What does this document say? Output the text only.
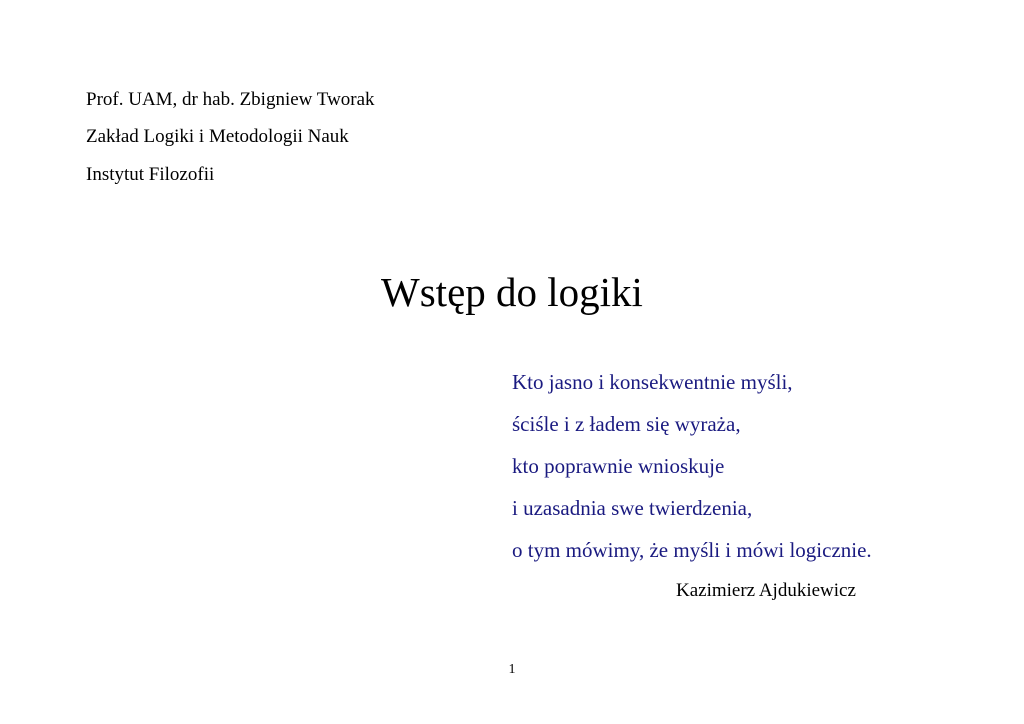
Prof. UAM, dr hab. Zbigniew Tworak
Zakład Logiki i Metodologii Nauk
Instytut Filozofii
Wstęp do logiki
Kto jasno i konsekwentnie myśli,
ściśle i z ładem się wyraża,
kto poprawnie wnioskuje
i uzasadnia swe twierdzenia,
o tym mówimy, że myśli i mówi logicznie.
Kazimierz Ajdukiewicz
1
